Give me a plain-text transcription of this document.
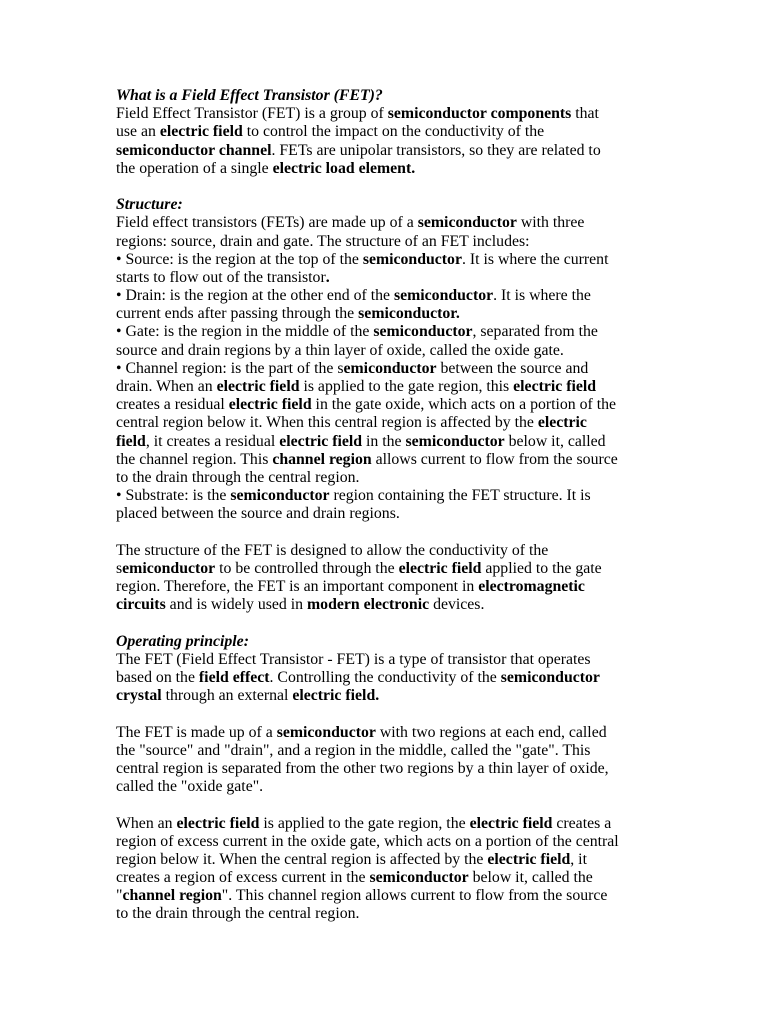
What is a Field Effect Transistor (FET)?
Field Effect Transistor (FET) is a group of semiconductor components that
use an electric field to control the impact on the conductivity of the
semiconductor channel. FETs are unipolar transistors, so they are related to
the operation of a single electric load element.
Structure:
Field effect transistors (FETs) are made up of a semiconductor with three
regions: source, drain and gate. The structure of an FET includes:
• Source: is the region at the top of the semiconductor. It is where the current
starts to flow out of the transistor.
• Drain: is the region at the other end of the semiconductor. It is where the
current ends after passing through the semiconductor.
• Gate: is the region in the middle of the semiconductor, separated from the
source and drain regions by a thin layer of oxide, called the oxide gate.
• Channel region: is the part of the semiconductor between the source and
drain. When an electric field is applied to the gate region, this electric field
creates a residual electric field in the gate oxide, which acts on a portion of the
central region below it. When this central region is affected by the electric
field, it creates a residual electric field in the semiconductor below it, called
the channel region. This channel region allows current to flow from the source
to the drain through the central region.
• Substrate: is the semiconductor region containing the FET structure. It is
placed between the source and drain regions.
The structure of the FET is designed to allow the conductivity of the
semiconductor to be controlled through the electric field applied to the gate
region. Therefore, the FET is an important component in electromagnetic
circuits and is widely used in modern electronic devices.
Operating principle:
The FET (Field Effect Transistor - FET) is a type of transistor that operates
based on the field effect. Controlling the conductivity of the semiconductor
crystal through an external electric field.
The FET is made up of a semiconductor with two regions at each end, called
the "source" and "drain", and a region in the middle, called the "gate". This
central region is separated from the other two regions by a thin layer of oxide,
called the "oxide gate".
When an electric field is applied to the gate region, the electric field creates a
region of excess current in the oxide gate, which acts on a portion of the central
region below it. When the central region is affected by the electric field, it
creates a region of excess current in the semiconductor below it, called the
"channel region". This channel region allows current to flow from the source
to the drain through the central region.
